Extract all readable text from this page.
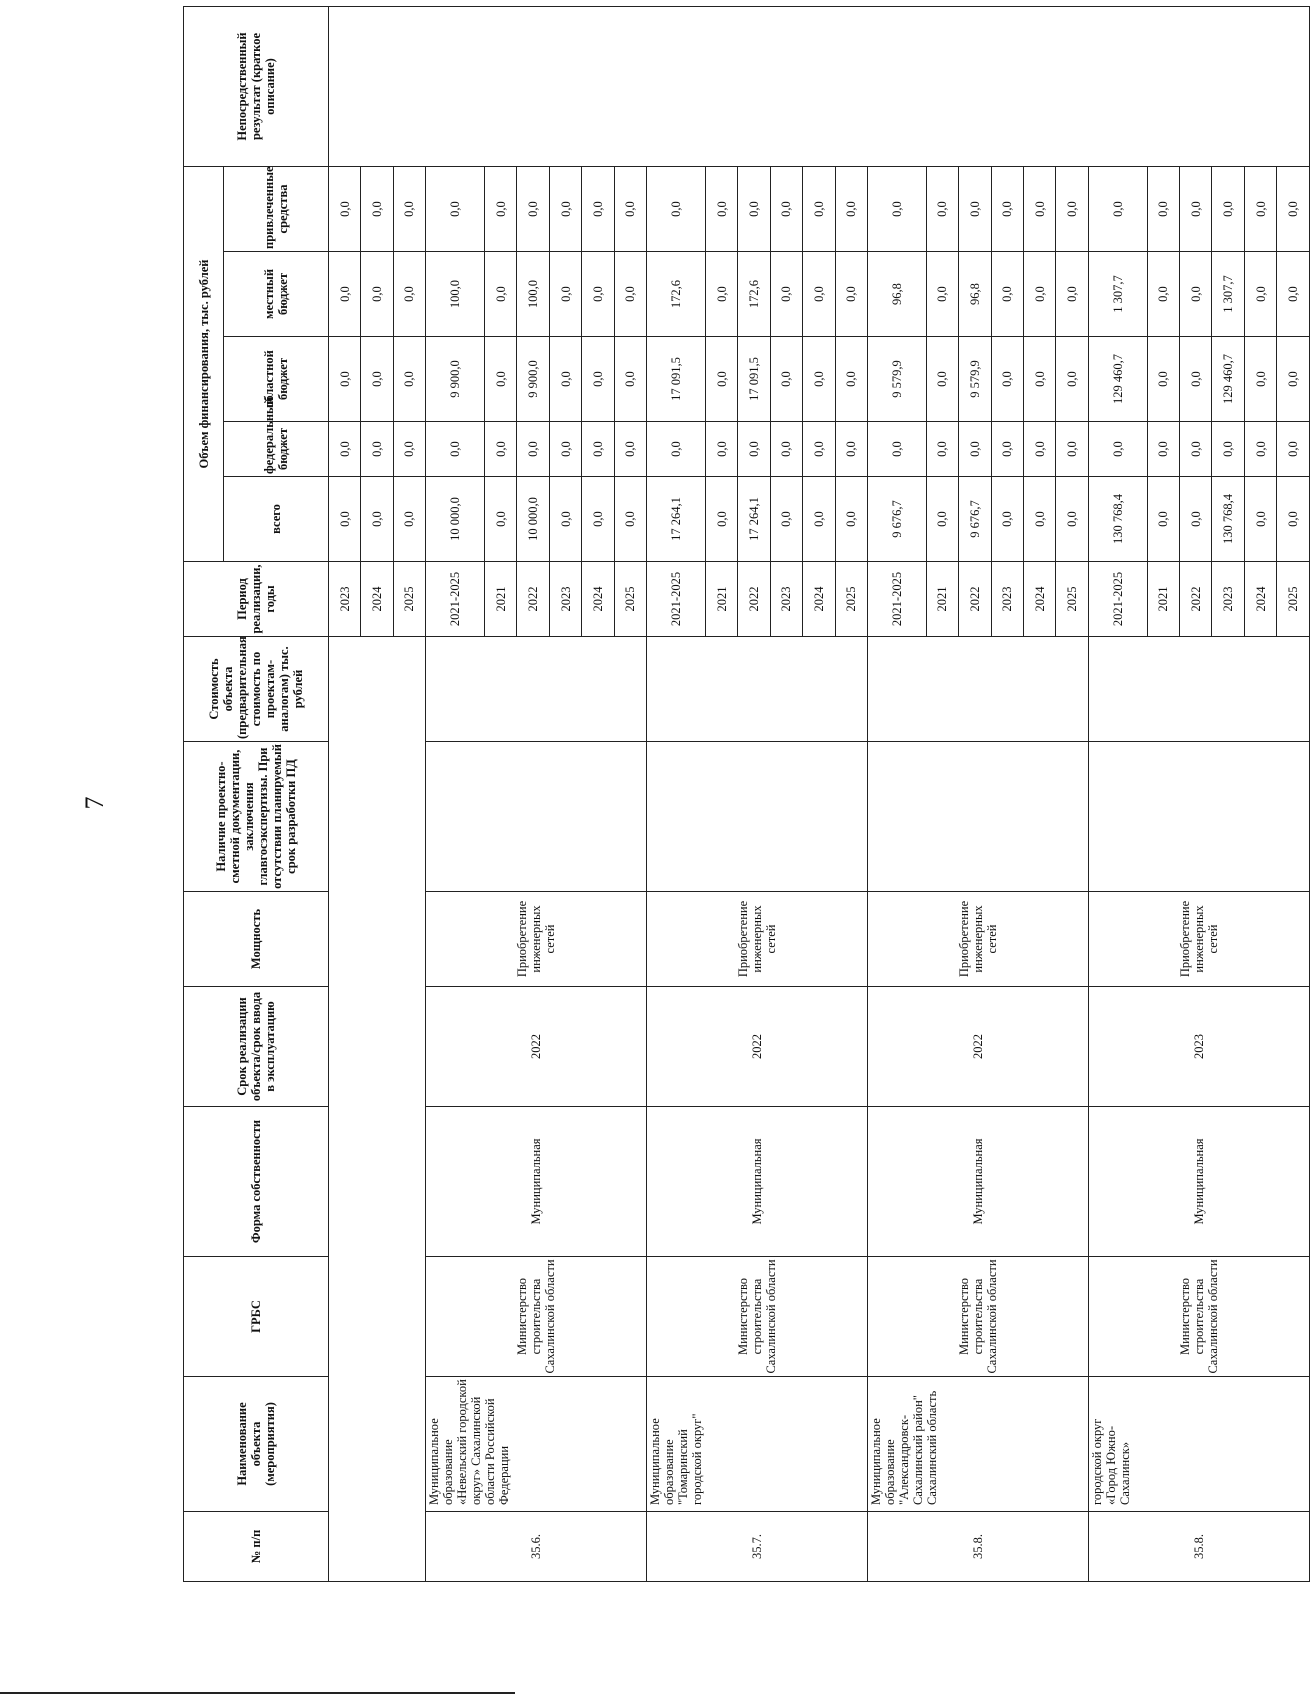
7
№ п/п	Наименование объекта (мероприятия)	ГРБС	Форма собственности	Срок реализации объекта/срок ввода в эксплуатацию	Мощность	Наличие проектно-сметной документации, заключения главгосэкспертизы. При отсутствии планируемый срок разработки ПД	Стоимость объекта (предварительная стоимость по проектам-аналогам) тыс. рублей	Период реализации, годы	Объем финансирования, тыс. рублей					Непосредственный результат (краткое описание)
									всего	федеральный бюджет	областной бюджет	местный бюджет	привлеченные средства	
								2023	0,0	0,0	0,0	0,0	0,0	
								2024	0,0	0,0	0,0	0,0	0,0	
								2025	0,0	0,0	0,0	0,0	0,0	
35.6.	Муниципальное образование «Невельский городской округ» Сахалинской области Российской Федерации	Министерство строительства Сахалинской области	Муниципальная	2022	Приобретение инженерных сетей			2021-2025	10 000,0	0,0	9 900,0	100,0	0,0	
								2021	0,0	0,0	0,0	0,0	0,0	
								2022	10 000,0	0,0	9 900,0	100,0	0,0	
								2023	0,0	0,0	0,0	0,0	0,0	
								2024	0,0	0,0	0,0	0,0	0,0	
								2025	0,0	0,0	0,0	0,0	0,0	
35.7.	Муниципальное образование "Томаринский городской округ"	Министерство строительства Сахалинской области	Муниципальная	2022	Приобретение инженерных сетей			2021-2025	17 264,1	0,0	17 091,5	172,6	0,0	
								2021	0,0	0,0	0,0	0,0	0,0	
								2022	17 264,1	0,0	17 091,5	172,6	0,0	
								2023	0,0	0,0	0,0	0,0	0,0	
								2024	0,0	0,0	0,0	0,0	0,0	
								2025	0,0	0,0	0,0	0,0	0,0	
35.8.	Муниципальное образование "Александровск-Сахалинский район" Сахалинский область	Министерство строительства Сахалинской области	Муниципальная	2022	Приобретение инженерных сетей			2021-2025	9 676,7	0,0	9 579,9	96,8	0,0	
								2021	0,0	0,0	0,0	0,0	0,0	
								2022	9 676,7	0,0	9 579,9	96,8	0,0	
								2023	0,0	0,0	0,0	0,0	0,0	
								2024	0,0	0,0	0,0	0,0	0,0	
								2025	0,0	0,0	0,0	0,0	0,0	
35.8.	городской округ «Город Южно-Сахалинск»	Министерство строительства Сахалинской области	Муниципальная	2023	Приобретение инженерных сетей			2021-2025	130 768,4	0,0	129 460,7	1 307,7	0,0	
								2021	0,0	0,0	0,0	0,0	0,0	
								2022	0,0	0,0	0,0	0,0	0,0	
								2023	130 768,4	0,0	129 460,7	1 307,7	0,0	
								2024	0,0	0,0	0,0	0,0	0,0	
								2025	0,0	0,0	0,0	0,0	0,0	
